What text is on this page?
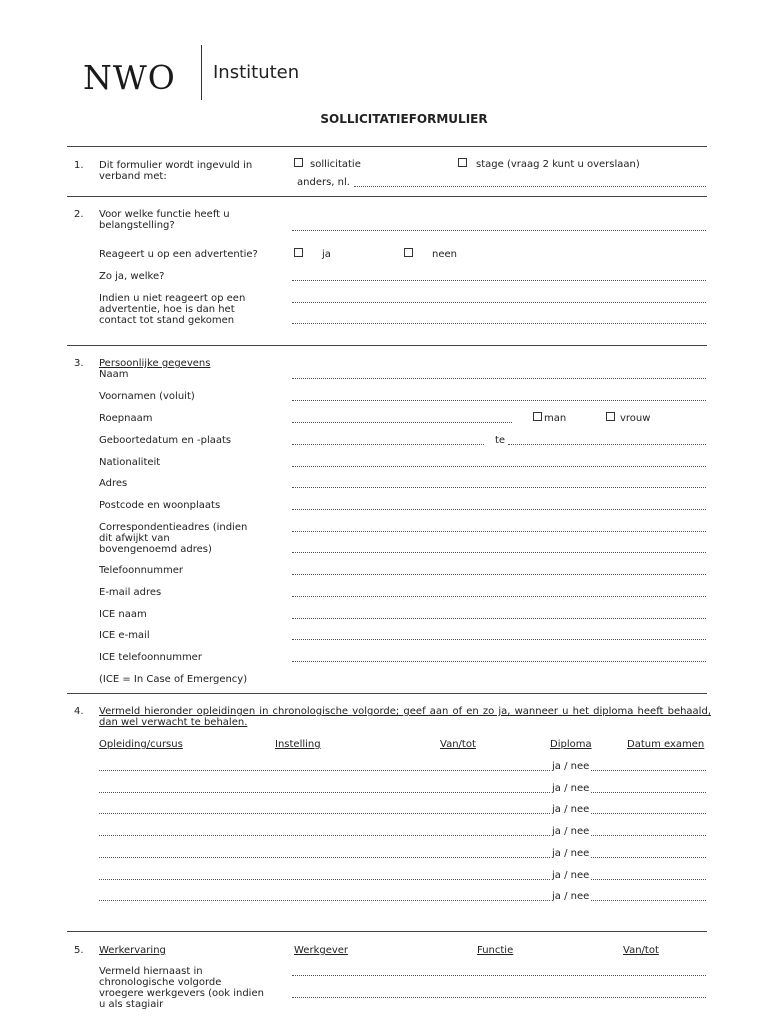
NWO Instituten
SOLLICITATIEFORMULIER
1. Dit formulier wordt ingevuld in verband met:
sollicitatie	stage (vraag 2 kunt u overslaan)
anders, nl.
2. Voor welke functie heeft u belangstelling?
Reageert u op een advertentie?	ja	neen
Zo ja, welke?
Indien u niet reageert op een advertentie, hoe is dan het contact tot stand gekomen
3. Persoonlijke gegevens
Naam
Voornamen (voluit)
Roepnaam	man	vrouw
Geboortedatum en -plaats	te
Nationaliteit
Adres
Postcode en woonplaats
Correspondentieadres (indien dit afwijkt van bovengenoemd adres)
Telefoonnummer
E-mail adres
ICE naam
ICE e-mail
ICE telefoonnummer
(ICE = In Case of Emergency)
4. Vermeld hieronder opleidingen in chronologische volgorde; geef aan of en zo ja, wanneer u het diploma heeft behaald, dan wel verwacht te behalen.
Opleiding/cursus	Instelling	Van/tot	Diploma	Datum examen
ja / nee
ja / nee
ja / nee
ja / nee
ja / nee
ja / nee
ja / nee
5. Werkervaring	Werkgever	Functie	Van/tot
Vermeld hiernaast in chronologische volgorde vroegere werkgevers (ook indien u als stagiair
